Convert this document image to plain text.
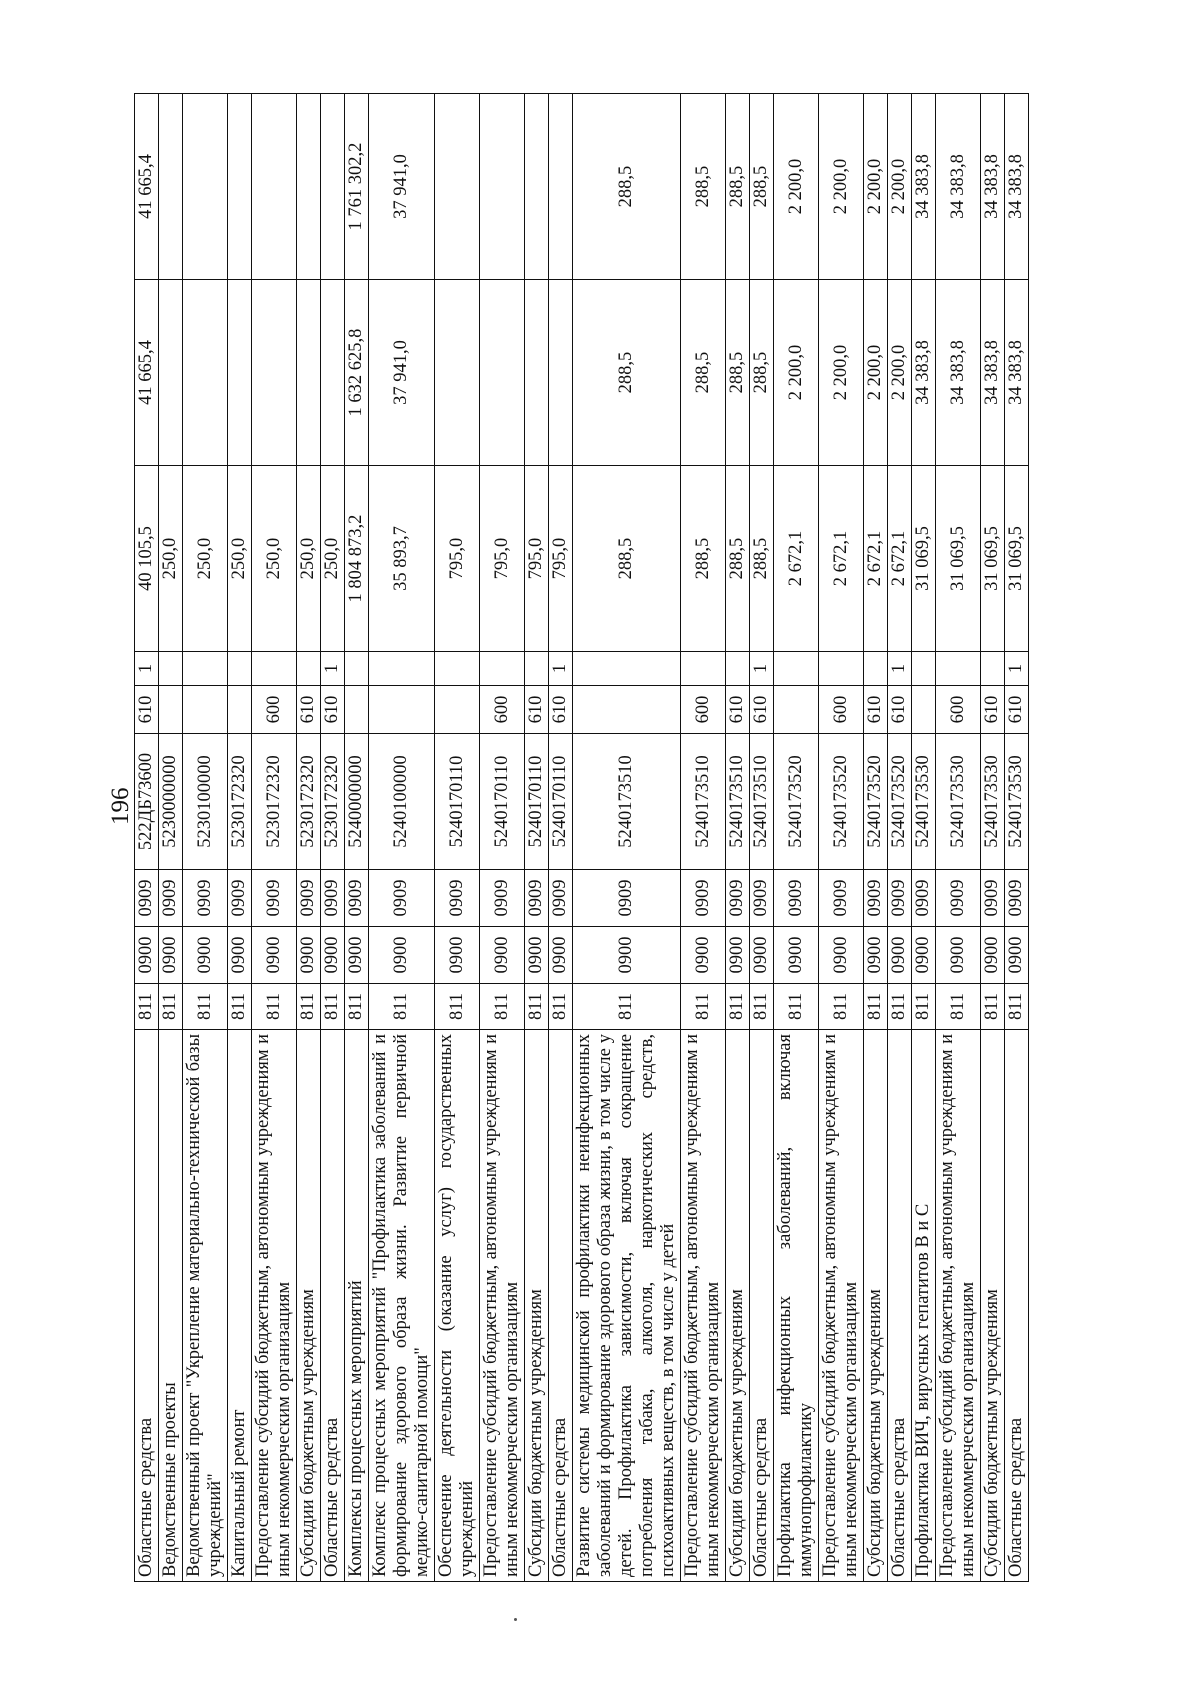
196
Областные средства	811	0900	0909	522ДБ73600	610	1	40 105,5	41 665,4	41 665,4
Ведомственные проекты	811	0900	0909	5230000000			250,0		
Ведомственный проект "Укрепление материально-технической базы учреждений"	811	0900	0909	5230100000			250,0		
Капитальный ремонт	811	0900	0909	5230172320			250,0		
Предоставление субсидий бюджетным, автономным учреждениям и иным некоммерческим организациям	811	0900	0909	5230172320	600		250,0		
Субсидии бюджетным учреждениям	811	0900	0909	5230172320	610		250,0		
Областные средства	811	0900	0909	5230172320	610	1	250,0		
Комплексы процессных мероприятий	811	0900	0909	5240000000			1 804 873,2	1 632 625,8	1 761 302,2
Комплекс процессных мероприятий "Профилактика заболеваний и формирование здорового образа жизни. Развитие первичной медико-санитарной помощи"	811	0900	0909	5240100000			35 893,7	37 941,0	37 941,0
Обеспечение деятельности (оказание услуг) государственных учреждений	811	0900	0909	5240170110			795,0		
Предоставление субсидий бюджетным, автономным учреждениям и иным некоммерческим организациям	811	0900	0909	5240170110	600		795,0		
Субсидии бюджетным учреждениям	811	0900	0909	5240170110	610		795,0		
Областные средства	811	0900	0909	5240170110	610	1	795,0		
Развитие системы медицинской профилактики неинфекционных заболеваний и формирование здорового образа жизни, в том числе у детей. Профилактика зависимости, включая сокращение потребления табака, алкоголя, наркотических средств, психоактивных веществ, в том числе у детей	811	0900	0909	5240173510			288,5	288,5	288,5
Предоставление субсидий бюджетным, автономным учреждениям и иным некоммерческим организациям	811	0900	0909	5240173510	600		288,5	288,5	288,5
Субсидии бюджетным учреждениям	811	0900	0909	5240173510	610		288,5	288,5	288,5
Областные средства	811	0900	0909	5240173510	610	1	288,5	288,5	288,5
Профилактика инфекционных заболеваний, включая иммунопрофилактику	811	0900	0909	5240173520			2 672,1	2 200,0	2 200,0
Предоставление субсидий бюджетным, автономным учреждениям и иным некоммерческим организациям	811	0900	0909	5240173520	600		2 672,1	2 200,0	2 200,0
Субсидии бюджетным учреждениям	811	0900	0909	5240173520	610		2 672,1	2 200,0	2 200,0
Областные средства	811	0900	0909	5240173520	610	1	2 672,1	2 200,0	2 200,0
Профилактика ВИЧ, вирусных гепатитов В и С	811	0900	0909	5240173530			31 069,5	34 383,8	34 383,8
Предоставление субсидий бюджетным, автономным учреждениям и иным некоммерческим организациям	811	0900	0909	5240173530	600		31 069,5	34 383,8	34 383,8
Субсидии бюджетным учреждениям	811	0900	0909	5240173530	610		31 069,5	34 383,8	34 383,8
Областные средства	811	0900	0909	5240173530	610	1	31 069,5	34 383,8	34 383,8
